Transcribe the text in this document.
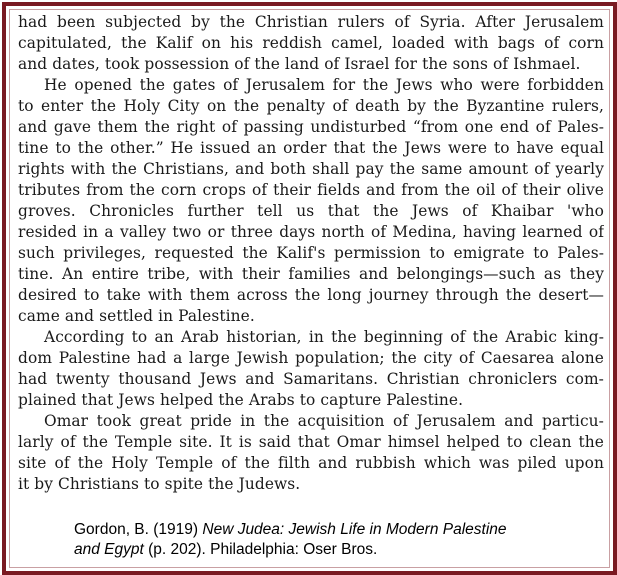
had been subjected by the Christian rulers of Syria. After Jerusalem
capitulated, the Kalif on his reddish camel, loaded with bags of corn
and dates, took possession of the land of Israel for the sons of Ishmael.
He opened the gates of Jerusalem for the Jews who were forbidden
to enter the Holy City on the penalty of death by the Byzantine rulers,
and gave them the right of passing undisturbed “from one end of Pales-
tine to the other.” He issued an order that the Jews were to have equal
rights with the Christians, and both shall pay the same amount of yearly
tributes from the corn crops of their fields and from the oil of their olive
groves. Chronicles further tell us that the Jews of Khaibar 'who
resided in a valley two or three days north of Medina, having learned of
such privileges, requested the Kalif's permission to emigrate to Pales-
tine. An entire tribe, with their families and belongings—such as they
desired to take with them across the long journey through the desert—
came and settled in Palestine.
According to an Arab historian, in the beginning of the Arabic king-
dom Palestine had a large Jewish population; the city of Caesarea alone
had twenty thousand Jews and Samaritans. Christian chroniclers com-
plained that Jews helped the Arabs to capture Palestine.
Omar took great pride in the acquisition of Jerusalem and particu-
larly of the Temple site. It is said that Omar himsel helped to clean the
site of the Holy Temple of the filth and rubbish which was piled upon
it by Christians to spite the Judews.
Gordon, B. (1919) New Judea: Jewish Life in Modern Palestine
and Egypt (p. 202). Philadelphia: Oser Bros.
